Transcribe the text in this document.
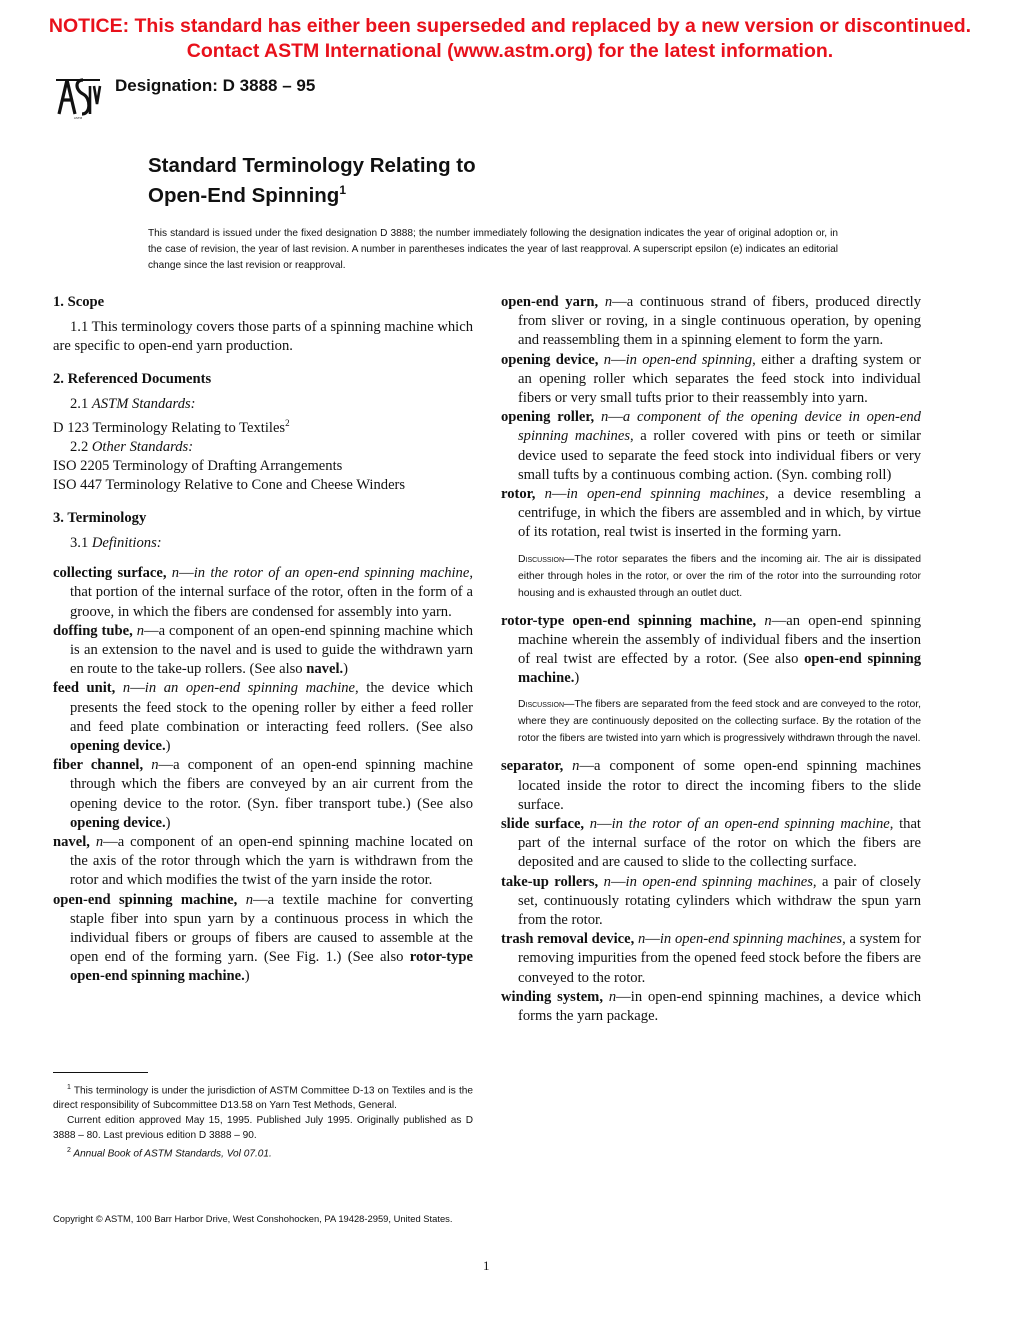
NOTICE: This standard has either been superseded and replaced by a new version or discontinued.
Contact ASTM International (www.astm.org) for the latest information.
ASTM
Designation: D 3888 – 95
Standard Terminology Relating to
Open-End Spinning$^1$
This standard is issued under the fixed designation D 3888; the number immediately following the designation indicates the year of original adoption or, in the case of revision, the year of last revision. A number in parentheses indicates the year of last reapproval. A superscript epsilon (e) indicates an editorial change since the last revision or reapproval.

1. Scope

1.1 This terminology covers those parts of a spinning machine which are specific to open-end yarn production.

2. Referenced Documents

2.1 ASTM Standards:

D 123 Terminology Relating to Textiles$^2$

2.2 Other Standards:

ISO 2205 Terminology of Drafting Arrangements

ISO 447 Terminology Relative to Cone and Cheese Winders

3. Terminology

3.1 Definitions:

collecting surface, n—in the rotor of an open-end spinning machine, that portion of the internal surface of the rotor, often in the form of a groove, in which the fibers are condensed for assembly into yarn.

doffing tube, n—a component of an open-end spinning machine which is an extension to the navel and is used to guide the withdrawn yarn en route to the take-up rollers. (See also navel.)

feed unit, n—in an open-end spinning machine, the device which presents the feed stock to the opening roller by either a feed roller and feed plate combination or interacting feed rollers. (See also opening device.)

fiber channel, n—a component of an open-end spinning machine through which the fibers are conveyed by an air current from the opening device to the rotor. (Syn. fiber transport tube.) (See also opening device.)

navel, n—a component of an open-end spinning machine located on the axis of the rotor through which the yarn is withdrawn from the rotor and which modifies the twist of the yarn inside the rotor.

open-end spinning machine, n—a textile machine for converting staple fiber into spun yarn by a continuous process in which the individual fibers or groups of fibers are caused to assemble at the open end of the forming yarn. (See Fig. 1.) (See also rotor-type open-end spinning machine.)

open-end yarn, n—a continuous strand of fibers, produced directly from sliver or roving, in a single continuous operation, by opening and reassembling them in a spinning element to form the yarn.

opening device, n—in open-end spinning, either a drafting system or an opening roller which separates the feed stock into individual fibers or very small tufts prior to their reassembly into yarn.

opening roller, n—a component of the opening device in open-end spinning machines, a roller covered with pins or teeth or similar device used to separate the feed stock into individual fibers or very small tufts by a continuous combing action. (Syn. combing roll)

rotor, n—in open-end spinning machines, a device resembling a centrifuge, in which the fibers are assembled and in which, by virtue of its rotation, real twist is inserted in the forming yarn.

Discussion—The rotor separates the fibers and the incoming air. The air is dissipated either through holes in the rotor, or over the rim of the rotor into the surrounding rotor housing and is exhausted through an outlet duct.

rotor-type open-end spinning machine, n—an open-end spinning machine wherein the assembly of individual fibers and the insertion of real twist are effected by a rotor. (See also open-end spinning machine.)

Discussion—The fibers are separated from the feed stock and are conveyed to the rotor, where they are continuously deposited on the collecting surface. By the rotation of the rotor the fibers are twisted into yarn which is progressively withdrawn through the navel.

separator, n—a component of some open-end spinning machines located inside the rotor to direct the incoming fibers to the slide surface.

slide surface, n—in the rotor of an open-end spinning machine, that part of the internal surface of the rotor on which the fibers are deposited and are caused to slide to the collecting surface.

take-up rollers, n—in open-end spinning machines, a pair of closely set, continuously rotating cylinders which withdraw the spun yarn from the rotor.

trash removal device, n—in open-end spinning machines, a system for removing impurities from the opened feed stock before the fibers are conveyed to the rotor.

winding system, n—in open-end spinning machines, a device which forms the yarn package.

$^1$ This terminology is under the jurisdiction of ASTM Committee D-13 on Textiles and is the direct responsibility of Subcommittee D13.58 on Yarn Test Methods, General.

Current edition approved May 15, 1995. Published July 1995. Originally published as D 3888 – 80. Last previous edition D 3888 – 90.

$^2$ Annual Book of ASTM Standards, Vol 07.01.

Copyright © ASTM, 100 Barr Harbor Drive, West Conshohocken, PA 19428-2959, United States.
1
